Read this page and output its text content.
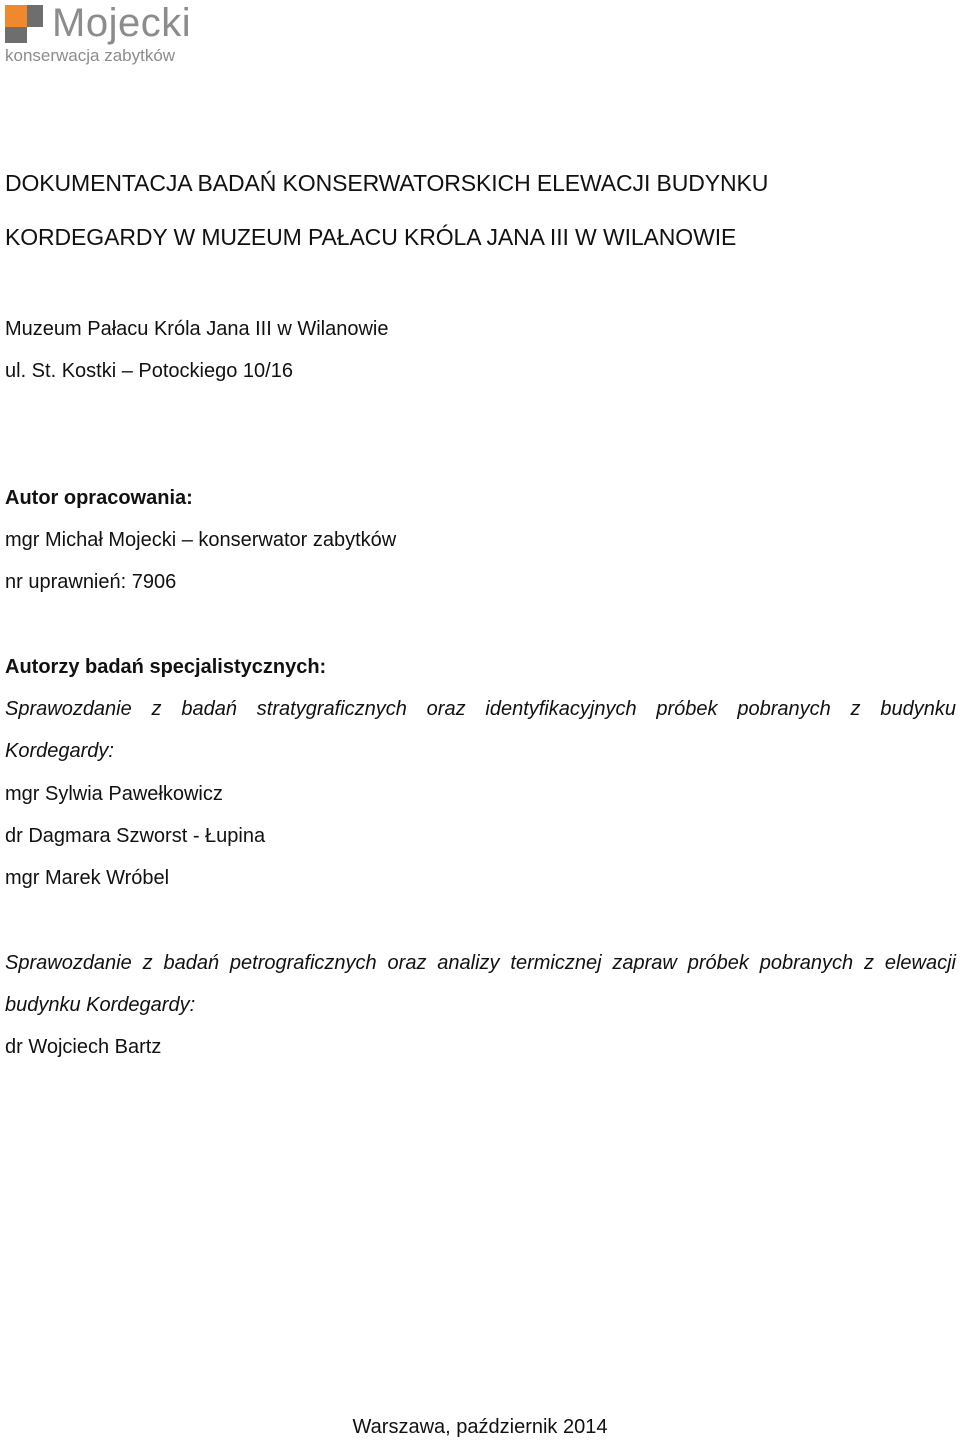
Mojecki
konserwacja zabytków
DOKUMENTACJA BADAŃ KONSERWATORSKICH ELEWACJI BUDYNKU
KORDEGARDY W MUZEUM PAŁACU KRÓLA JANA III W WILANOWIE
Muzeum Pałacu Króla Jana III w Wilanowie
ul. St. Kostki – Potockiego 10/16
Autor opracowania:
mgr Michał Mojecki – konserwator zabytków
nr uprawnień: 7906
Autorzy badań specjalistycznych:
Sprawozdanie z badań stratygraficznych oraz identyfikacyjnych próbek pobranych z budynku
Kordegardy:
mgr Sylwia Pawełkowicz
dr Dagmara Szworst - Łupina
mgr Marek Wróbel
Sprawozdanie z badań petrograficznych oraz analizy termicznej zapraw próbek pobranych z elewacji
budynku Kordegardy:
dr Wojciech Bartz
Warszawa, październik 2014
